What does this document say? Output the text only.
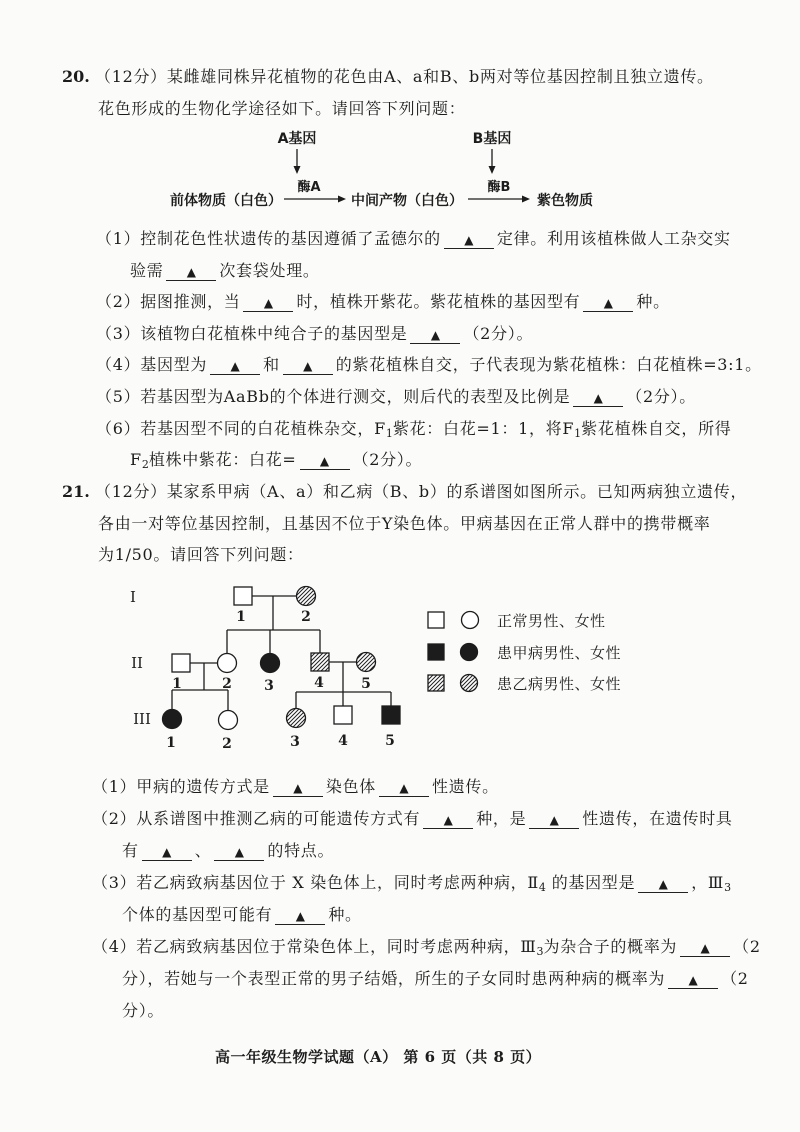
20. （12分）某雌雄同株异花植物的花色由A、a和B、b两对等位基因控制且独立遗传。
花色形成的生物化学途径如下。请回答下列问题：
A基因	B基因
前体物质（白色）
酶A
中间产物（白色）
酶B
紫色物质
（1）控制花色性状遗传的基因遵循了孟德尔的 ▲ 定律。利用该植株做人工杂交实
验需 ▲ 次套袋处理。
（2）据图推测，当 ▲ 时，植株开紫花。紫花植株的基因型有 ▲ 种。
（3）该植物白花植株中纯合子的基因型是 ▲ （2分）。
（4）基因型为 ▲ 和 ▲ 的紫花植株自交，子代表现为紫花植株：白花植株=3:1。
（5）若基因型为AaBb的个体进行测交，则后代的表型及比例是 ▲ （2分）。
（6）若基因型不同的白花植株杂交，$F_1$紫花：白花=1：1，将$F_1$紫花植株自交，所得
$F_2$植株中紫花：白花= ▲ （2分）。
21. （12分）某家系甲病（A、a）和乙病（B、b）的系谱图如图所示。已知两病独立遗传，
各由一对等位基因控制，且基因不位于Y染色体。甲病基因在正常人群中的携带概率
为1/50。请回答下列问题：
I
II
III
1	2
1	2 3	4	5
1	2	3	4	5
正常男性、女性
患甲病男性、女性
患乙病男性、女性
（1）甲病的遗传方式是 ▲ 染色体 ▲ 性遗传。
（2）从系谱图中推测乙病的可能遗传方式有 ▲ 种，是 ▲ 性遗传，在遗传时具
有 ▲ 、 ▲ 的特点。
（3）若乙病致病基因位于 X 染色体上，同时考虑两种病，$Ⅱ_4$ 的基因型是 ▲ ，$Ⅲ_3$
个体的基因型可能有 ▲ 种。
（4）若乙病致病基因位于常染色体上，同时考虑两种病，$Ⅲ_3$为杂合子的概率为 ▲ （2
分），若她与一个表型正常的男子结婚，所生的子女同时患两种病的概率为 ▲ （2
分）。
高一年级生物学试题（A） 第 6 页（共 8 页）
